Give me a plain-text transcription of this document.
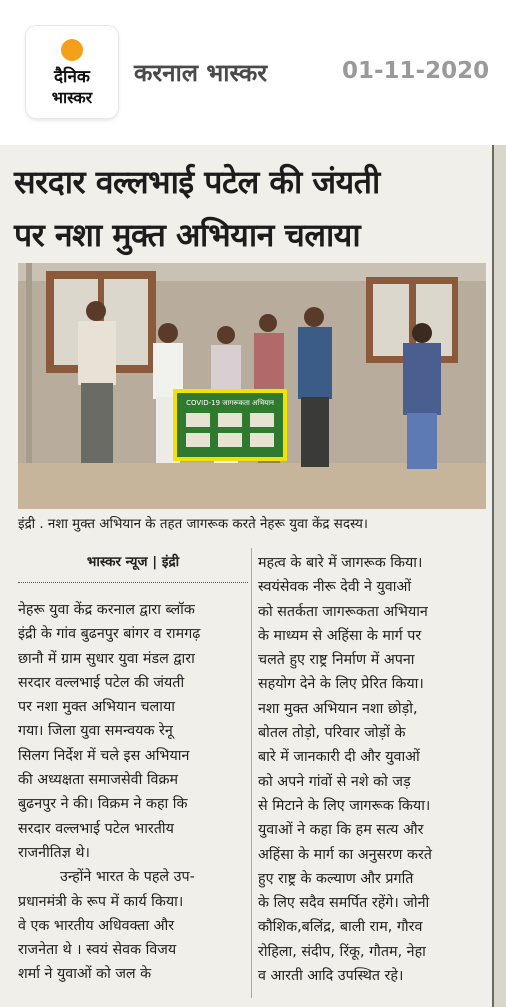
दैनिक
भास्कर
करनाल भास्कर	01-11-2020
सरदार वल्लभाई पटेल की जंयती
पर नशा मुक्त अभियान चलाया
COVID-19 जागरूकता अभियान
इंद्री . नशा मुक्त अभियान के तहत जागरूक करते नेहरू युवा केंद्र सदस्य।
भास्कर न्यूज | इंद्री

नेहरू युवा केंद्र करनाल द्वारा ब्लॉक

इंद्री के गांव बुढनपुर बांगर व रामगढ़

छानौ में ग्राम सुधार युवा मंडल द्वारा

सरदार वल्लभाई पटेल की जंयती

पर नशा मुक्त अभियान चलाया

गया। जिला युवा समन्वयक रेनू

सिलग निर्देश में चले इस अभियान

की अध्यक्षता समाजसेवी विक्रम

बुढनपुर ने की। विक्रम ने कहा कि

सरदार वल्लभाई पटेल भारतीय

राजनीतिज्ञ थे।

उन्होंने भारत के पहले उप-

प्रधानमंत्री के रूप में कार्य किया।

वे एक भारतीय अधिवक्ता और

राजनेता थे । स्वयं सेवक विजय

शर्मा ने युवाओं को जल के

महत्व के बारे में जागरूक किया।

स्वयंसेवक नीरू देवी ने युवाओं

को सतर्कता जागरूकता अभियान

के माध्यम से अहिंसा के मार्ग पर

चलते हुए राष्ट्र निर्माण में अपना

सहयोग देने के लिए प्रेरित किया।

नशा मुक्त अभियान नशा छोड़ो,

बोतल तोड़ो, परिवार जोड़ों के

बारे में जानकारी दी और युवाओं

को अपने गांवों से नशे को जड़

से मिटाने के लिए जागरूक किया।

युवाओं ने कहा कि हम सत्य और

अहिंसा के मार्ग का अनुसरण करते

हुए राष्ट्र के कल्याण और प्रगति

के लिए सदैव समर्पित रहेंगे। जोनी

कौशिक,बलिंद्र, बाली राम, गौरव

रोहिला, संदीप, रिंकू, गौतम, नेहा

व आरती आदि उपस्थित रहे।
